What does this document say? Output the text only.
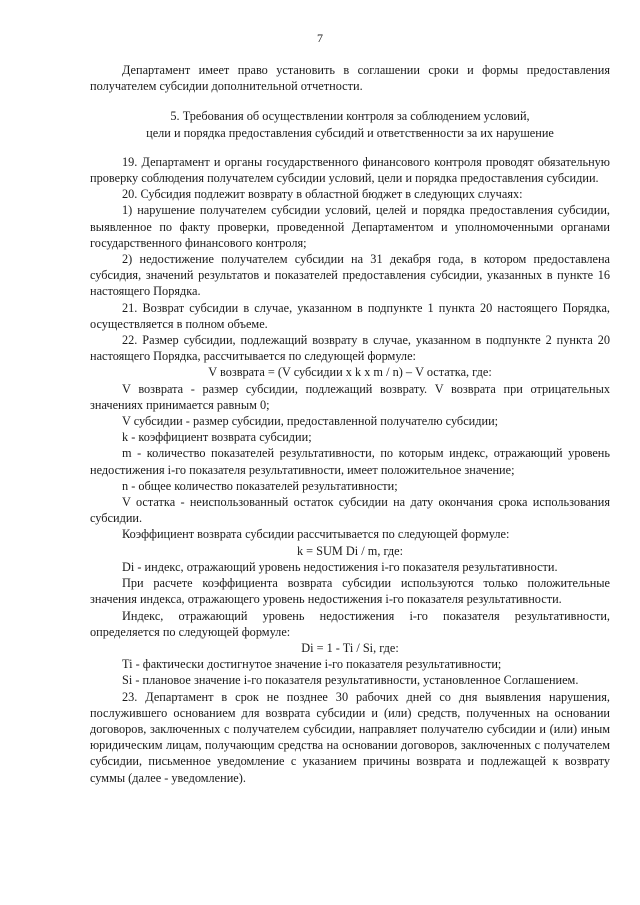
7

Департамент имеет право установить в соглашении сроки и формы предоставления получателем субсидии дополнительной отчетности.

5. Требования об осуществлении контроля за соблюдением условий,

цели и порядка предоставления субсидий и ответственности за их нарушение

19. Департамент и органы государственного финансового контроля проводят обязательную проверку соблюдения получателем субсидии условий, цели и порядка предоставления субсидии.

20. Субсидия подлежит возврату в областной бюджет в следующих случаях:

1) нарушение получателем субсидии условий, целей и порядка предоставления субсидии, выявленное по факту проверки, проведенной Департаментом и уполномоченными органами государственного финансового контроля;

2) недостижение получателем субсидии на 31 декабря года, в котором предоставлена субсидия, значений результатов и показателей предоставления субсидии, указанных в пункте 16 настоящего Порядка.

21. Возврат субсидии в случае, указанном в подпункте 1 пункта 20 настоящего Порядка, осуществляется в полном объеме.

22. Размер субсидии, подлежащий возврату в случае, указанном в подпункте 2 пункта 20 настоящего Порядка, рассчитывается по следующей формуле:

V возврата = (V субсидии x k x m / n) – V остатка, где:

V возврата - размер субсидии, подлежащий возврату. V возврата при отрицательных значениях принимается равным 0;

V субсидии - размер субсидии, предоставленной получателю субсидии;

k - коэффициент возврата субсидии;

m - количество показателей результативности, по которым индекс, отражающий уровень недостижения i-го показателя результативности, имеет положительное значение;

n - общее количество показателей результативности;

V остатка - неиспользованный остаток субсидии на дату окончания срока использования субсидии.

Коэффициент возврата субсидии рассчитывается по следующей формуле:

k = SUM Di / m, где:

Di - индекс, отражающий уровень недостижения i-го показателя результативности.

При расчете коэффициента возврата субсидии используются только положительные значения индекса, отражающего уровень недостижения i-го показателя результативности.

Индекс, отражающий уровень недостижения i-го показателя результативности, определяется по следующей формуле:

Di = 1 - Ti / Si, где:

Ti - фактически достигнутое значение i-го показателя результативности;

Si - плановое значение i-го показателя результативности, установленное Соглашением.

23. Департамент в срок не позднее 30 рабочих дней со дня выявления нарушения, послужившего основанием для возврата субсидии и (или) средств, полученных на основании договоров, заключенных с получателем субсидии, направляет получателю субсидии и (или) иным юридическим лицам, получающим средства на основании договоров, заключенных с получателем субсидии, письменное уведомление с указанием причины возврата и подлежащей к возврату суммы (далее - уведомление).
